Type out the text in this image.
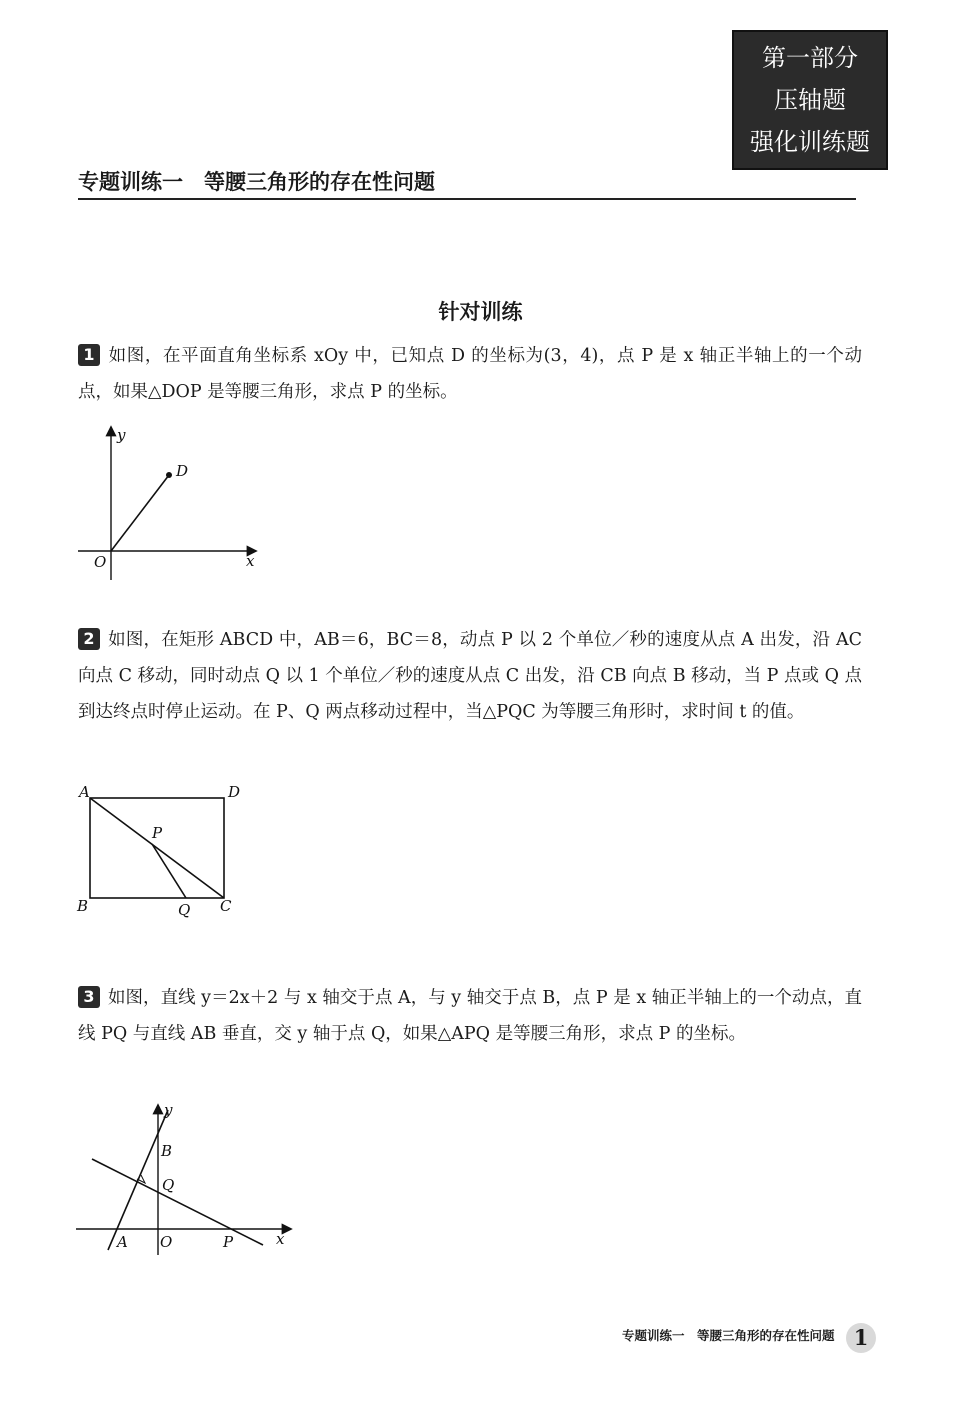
第一部分
压轴题
强化训练题
专题训练一　等腰三角形的存在性问题
针对训练
1 如图，在平面直角坐标系 xOy 中，已知点 D 的坐标为(3，4)，点 P 是 x 轴正半轴上的一个动点，如果△DOP 是等腰三角形，求点 P 的坐标。
y
D
O	x
2 如图，在矩形 ABCD 中，AB＝6，BC＝8，动点 P 以 2 个单位／秒的速度从点 A 出发，沿 AC 向点 C 移动，同时动点 Q 以 1 个单位／秒的速度从点 C 出发，沿 CB 向点 B 移动，当 P 点或 Q 点到达终点时停止运动。在 P、Q 两点移动过程中，当△PQC 为等腰三角形时，求时间 t 的值。
A	D
P
B	Q C
3 如图，直线 y＝2x＋2 与 x 轴交于点 A，与 y 轴交于点 B，点 P 是 x 轴正半轴上的一个动点，直线 PQ 与直线 AB 垂直，交 y 轴于点 Q，如果△APQ 是等腰三角形，求点 P 的坐标。
y
B
Q
A O	P	x
专题训练一　等腰三角形的存在性问题 1
